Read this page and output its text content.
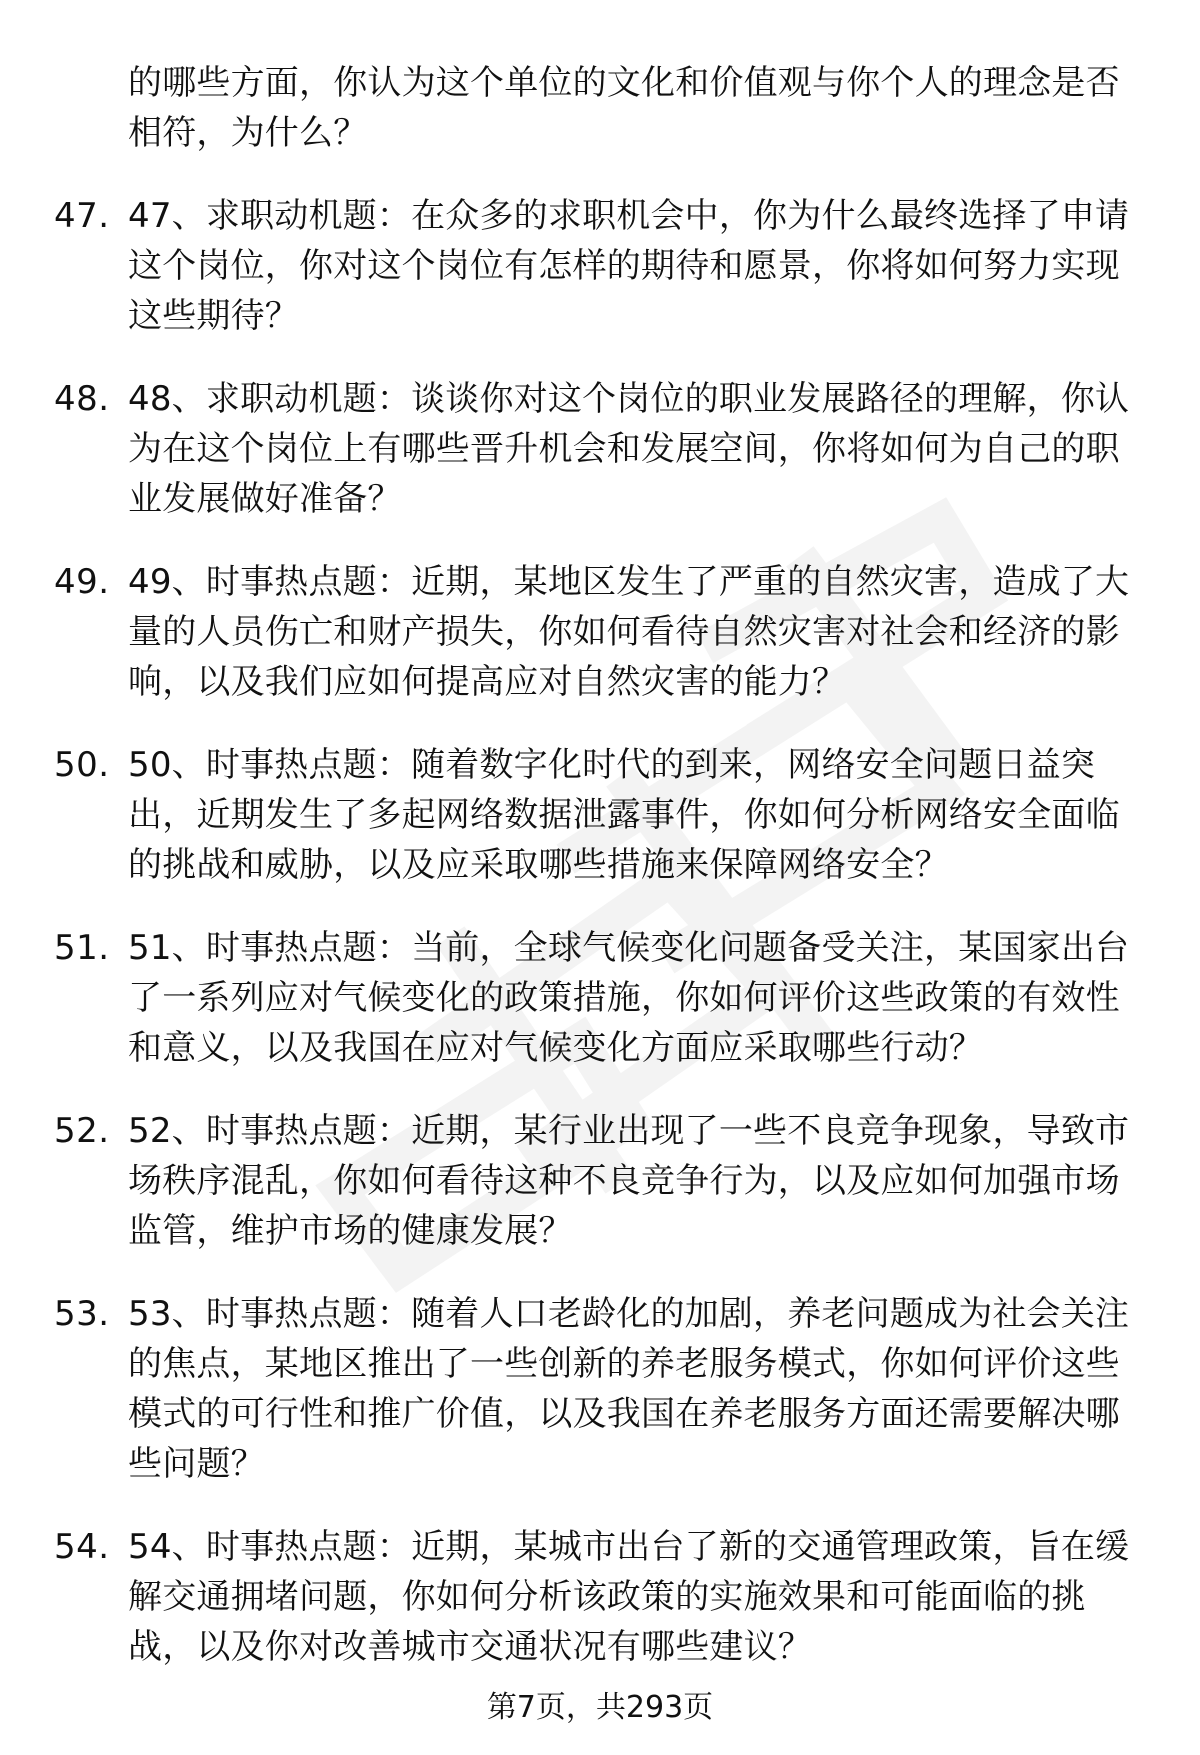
的哪些方面，你认为这个单位的文化和价值观与你个人的理念是否相符，为什么？
47. 47、求职动机题：在众多的求职机会中，你为什么最终选择了申请这个岗位，你对这个岗位有怎样的期待和愿景，你将如何努力实现这些期待？
48. 48、求职动机题：谈谈你对这个岗位的职业发展路径的理解，你认为在这个岗位上有哪些晋升机会和发展空间，你将如何为自己的职业发展做好准备？
49. 49、时事热点题：近期，某地区发生了严重的自然灾害，造成了大量的人员伤亡和财产损失，你如何看待自然灾害对社会和经济的影响，以及我们应如何提高应对自然灾害的能力？
50. 50、时事热点题：随着数字化时代的到来，网络安全问题日益突出，近期发生了多起网络数据泄露事件，你如何分析网络安全面临的挑战和威胁，以及应采取哪些措施来保障网络安全？
51. 51、时事热点题：当前，全球气候变化问题备受关注，某国家出台了一系列应对气候变化的政策措施，你如何评价这些政策的有效性和意义，以及我国在应对气候变化方面应采取哪些行动？
52. 52、时事热点题：近期，某行业出现了一些不良竞争现象，导致市场秩序混乱，你如何看待这种不良竞争行为，以及应如何加强市场监管，维护市场的健康发展？
53. 53、时事热点题：随着人口老龄化的加剧，养老问题成为社会关注的焦点，某地区推出了一些创新的养老服务模式，你如何评价这些模式的可行性和推广价值，以及我国在养老服务方面还需要解决哪些问题？
54. 54、时事热点题：近期，某城市出台了新的交通管理政策，旨在缓解交通拥堵问题，你如何分析该政策的实施效果和可能面临的挑战，以及你对改善城市交通状况有哪些建议？
第7页，共293页
